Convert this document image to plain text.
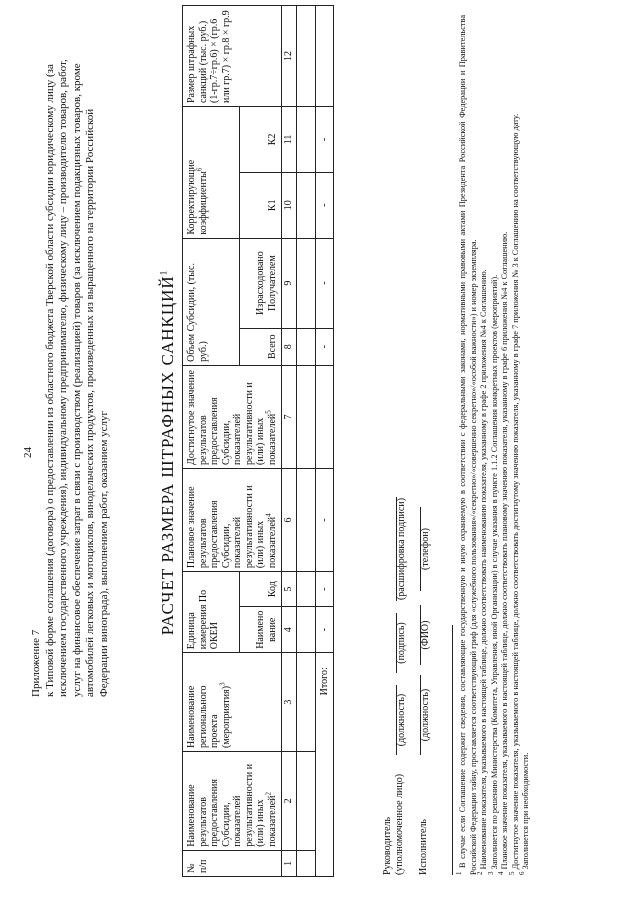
24
Приложение 7 к Типовой форме соглашения (договора) о предоставлении из областного бюджета Тверской области субсидии юридическому лицу (за исключением государственного учреждения), индивидуальному предпринимателю, физическому лицу – производителю товаров, работ, услуг на финансовое обеспечение затрат в связи с производством (реализацией) товаров (за исключением подакцизных товаров, кроме автомобилей легковых и мотоциклов, винодельческих продуктов, произведенных из выращенного на территории Российской Федерации винограда), выполнением работ, оказанием услуг	РАСЧЕТ РАЗМЕРА ШТРАФНЫХ САНКЦИЙ$^1$
№ п/п	Наименование результатов предоставления Субсидии, показателей результативности и (или) иных показателей$^2$	Наименование регионального проекта (мероприятия)$^3$	Единица измерения По ОКЕИ		Плановое значение результатов предоставления Субсидии, показателей результативности и (или) иных показателей$^4$	Достигнутое значение результатов предоставления Субсидии, показателей результативности и (или) иных показателей$^5$	Объем Субсидии, (тыс. руб.)		Корректирующие коэффициенты$^6$		Размер штрафных санкций (тыс. руб.) (1-гр.7÷гр.6) × (гр.6 или гр.7) × гр.8 × гр.9
			Наимено вание	Код			Всего	Израсходовано Получателем	К1	К2	
1	2	3	4	5	6	7	8	9	10	11	12

Итого:			-	-	-		-	-	-	-	
Руководитель (уполномоченное лицо)
(должность)
(подпись)
(расшифровка подписи)
Исполнитель
(должность)
(ФИО)
(телефон)

$^1$ В случае если Соглашение содержит сведения, составляющие государственную и иную охраняемую в соответствии с федеральными законами, нормативными правовыми актами Президента Российской Федерации и Правительства Российской Федерации тайну, проставляется соответствующий гриф (для «служебного пользования»/«секретно»/«совершенно секретно»/«особой важности») и номер экземпляра.

$^2$ Наименование показателя, указываемого в настоящей таблице, должно соответствовать наименованию показателя, указанному в графе 2 приложения №4 к Соглашению.

$^3$ Заполняется по решению Министерства (Комитета, Управления, иной Организации) в случае указания в пункте 1.1.2 Соглашения конкретных проектов (мероприятий).

$^4$ Плановое значение показателя, указываемого в настоящей таблице, должно соответствовать плановому значению показателя, указанному в графе 6 приложения №4 к Соглашению.

$^5$ Достигнутое значение показателя, указываемого в настоящей таблице, должно соответствовать достигнутому значению показателя, указанному в графе 7 приложения № 3 к Соглашению на соответствующую дату.

$^6$ Заполняется при необходимости.
